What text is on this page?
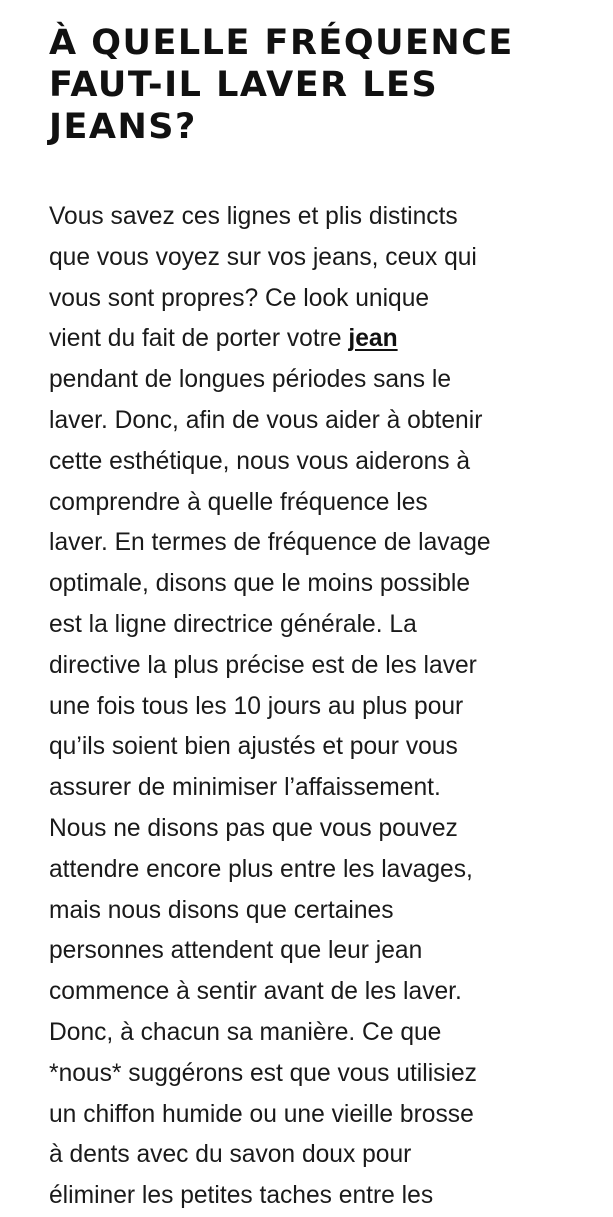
À QUELLE FRÉQUENCE
FAUT-IL LAVER LES
JEANS?
Vous savez ces lignes et plis distincts
que vous voyez sur vos jeans, ceux qui
vous sont propres? Ce look unique
vient du fait de porter votre jean
pendant de longues périodes sans le
laver. Donc, afin de vous aider à obtenir
cette esthétique, nous vous aiderons à
comprendre à quelle fréquence les
laver. En termes de fréquence de lavage
optimale, disons que le moins possible
est la ligne directrice générale. La
directive la plus précise est de les laver
une fois tous les 10 jours au plus pour
qu’ils soient bien ajustés et pour vous
assurer de minimiser l’affaissement.
Nous ne disons pas que vous pouvez
attendre encore plus entre les lavages,
mais nous disons que certaines
personnes attendent que leur jean
commence à sentir avant de les laver.
Donc, à chacun sa manière. Ce que
*nous* suggérons est que vous utilisiez
un chiffon humide ou une vieille brosse
à dents avec du savon doux pour
éliminer les petites taches entre les
